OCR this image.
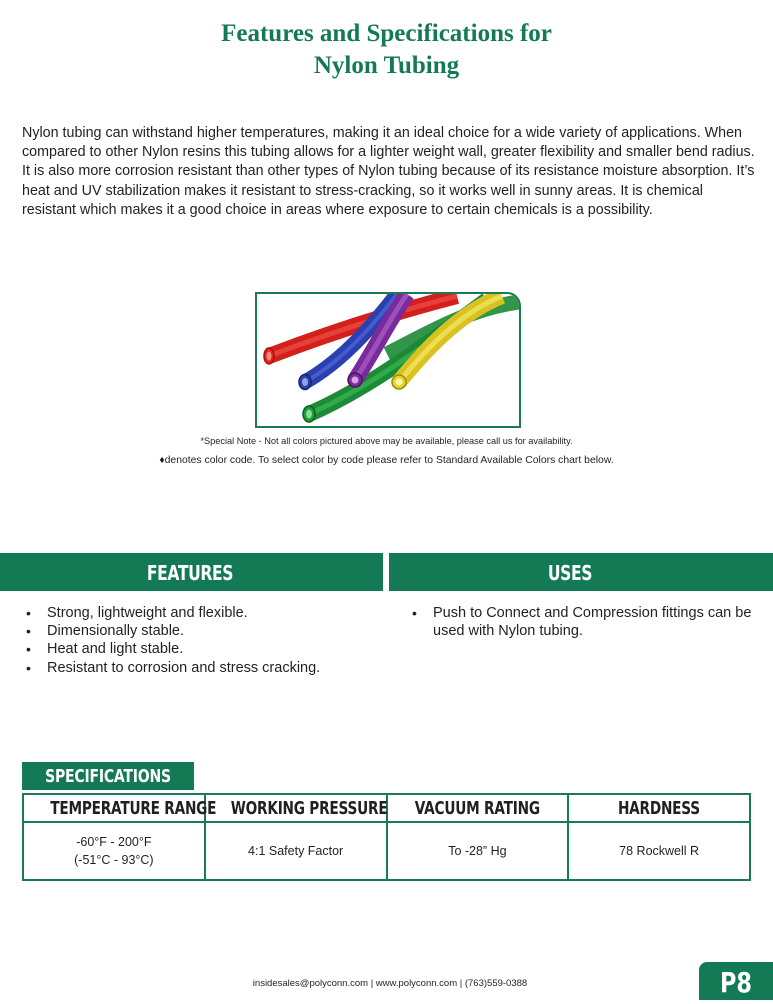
Features and Specifications for
Nylon Tubing

Nylon tubing can withstand higher temperatures, making it an ideal choice for a wide variety of applications. When compared to other Nylon resins this tubing allows for a lighter weight wall, greater flexibility and smaller bend radius. It is also more corrosion resistant than other types of Nylon tubing because of its resistance moisture absorption. It’s heat and UV stabilization makes it resistant to stress-cracking, so it works well in sunny areas. It is chemical resistant which makes it a good choice in areas where exposure to certain chemicals is a possibility.

*Special Note - Not all colors pictured above may be available, please call us for availability.
♦denotes color code. To select color by code please refer to Standard Available Colors chart below.
FEATURES	USES
• Strong, lightweight and flexible.
• Dimensionally stable.
• Heat and light stable.
• Resistant to corrosion and stress cracking.
• Push to Connect and Compression fittings can be used with Nylon tubing.
SPECIFICATIONS
TEMPERATURE RANGE	WORKING PRESSURE	VACUUM RATING	HARDNESS

-60°F - 200°F
(-51°C - 93°C)	4:1 Safety Factor	To -28” Hg	78 Rockwell R
insidesales@polyconn.com | www.polyconn.com | (763)559-0388	P8
